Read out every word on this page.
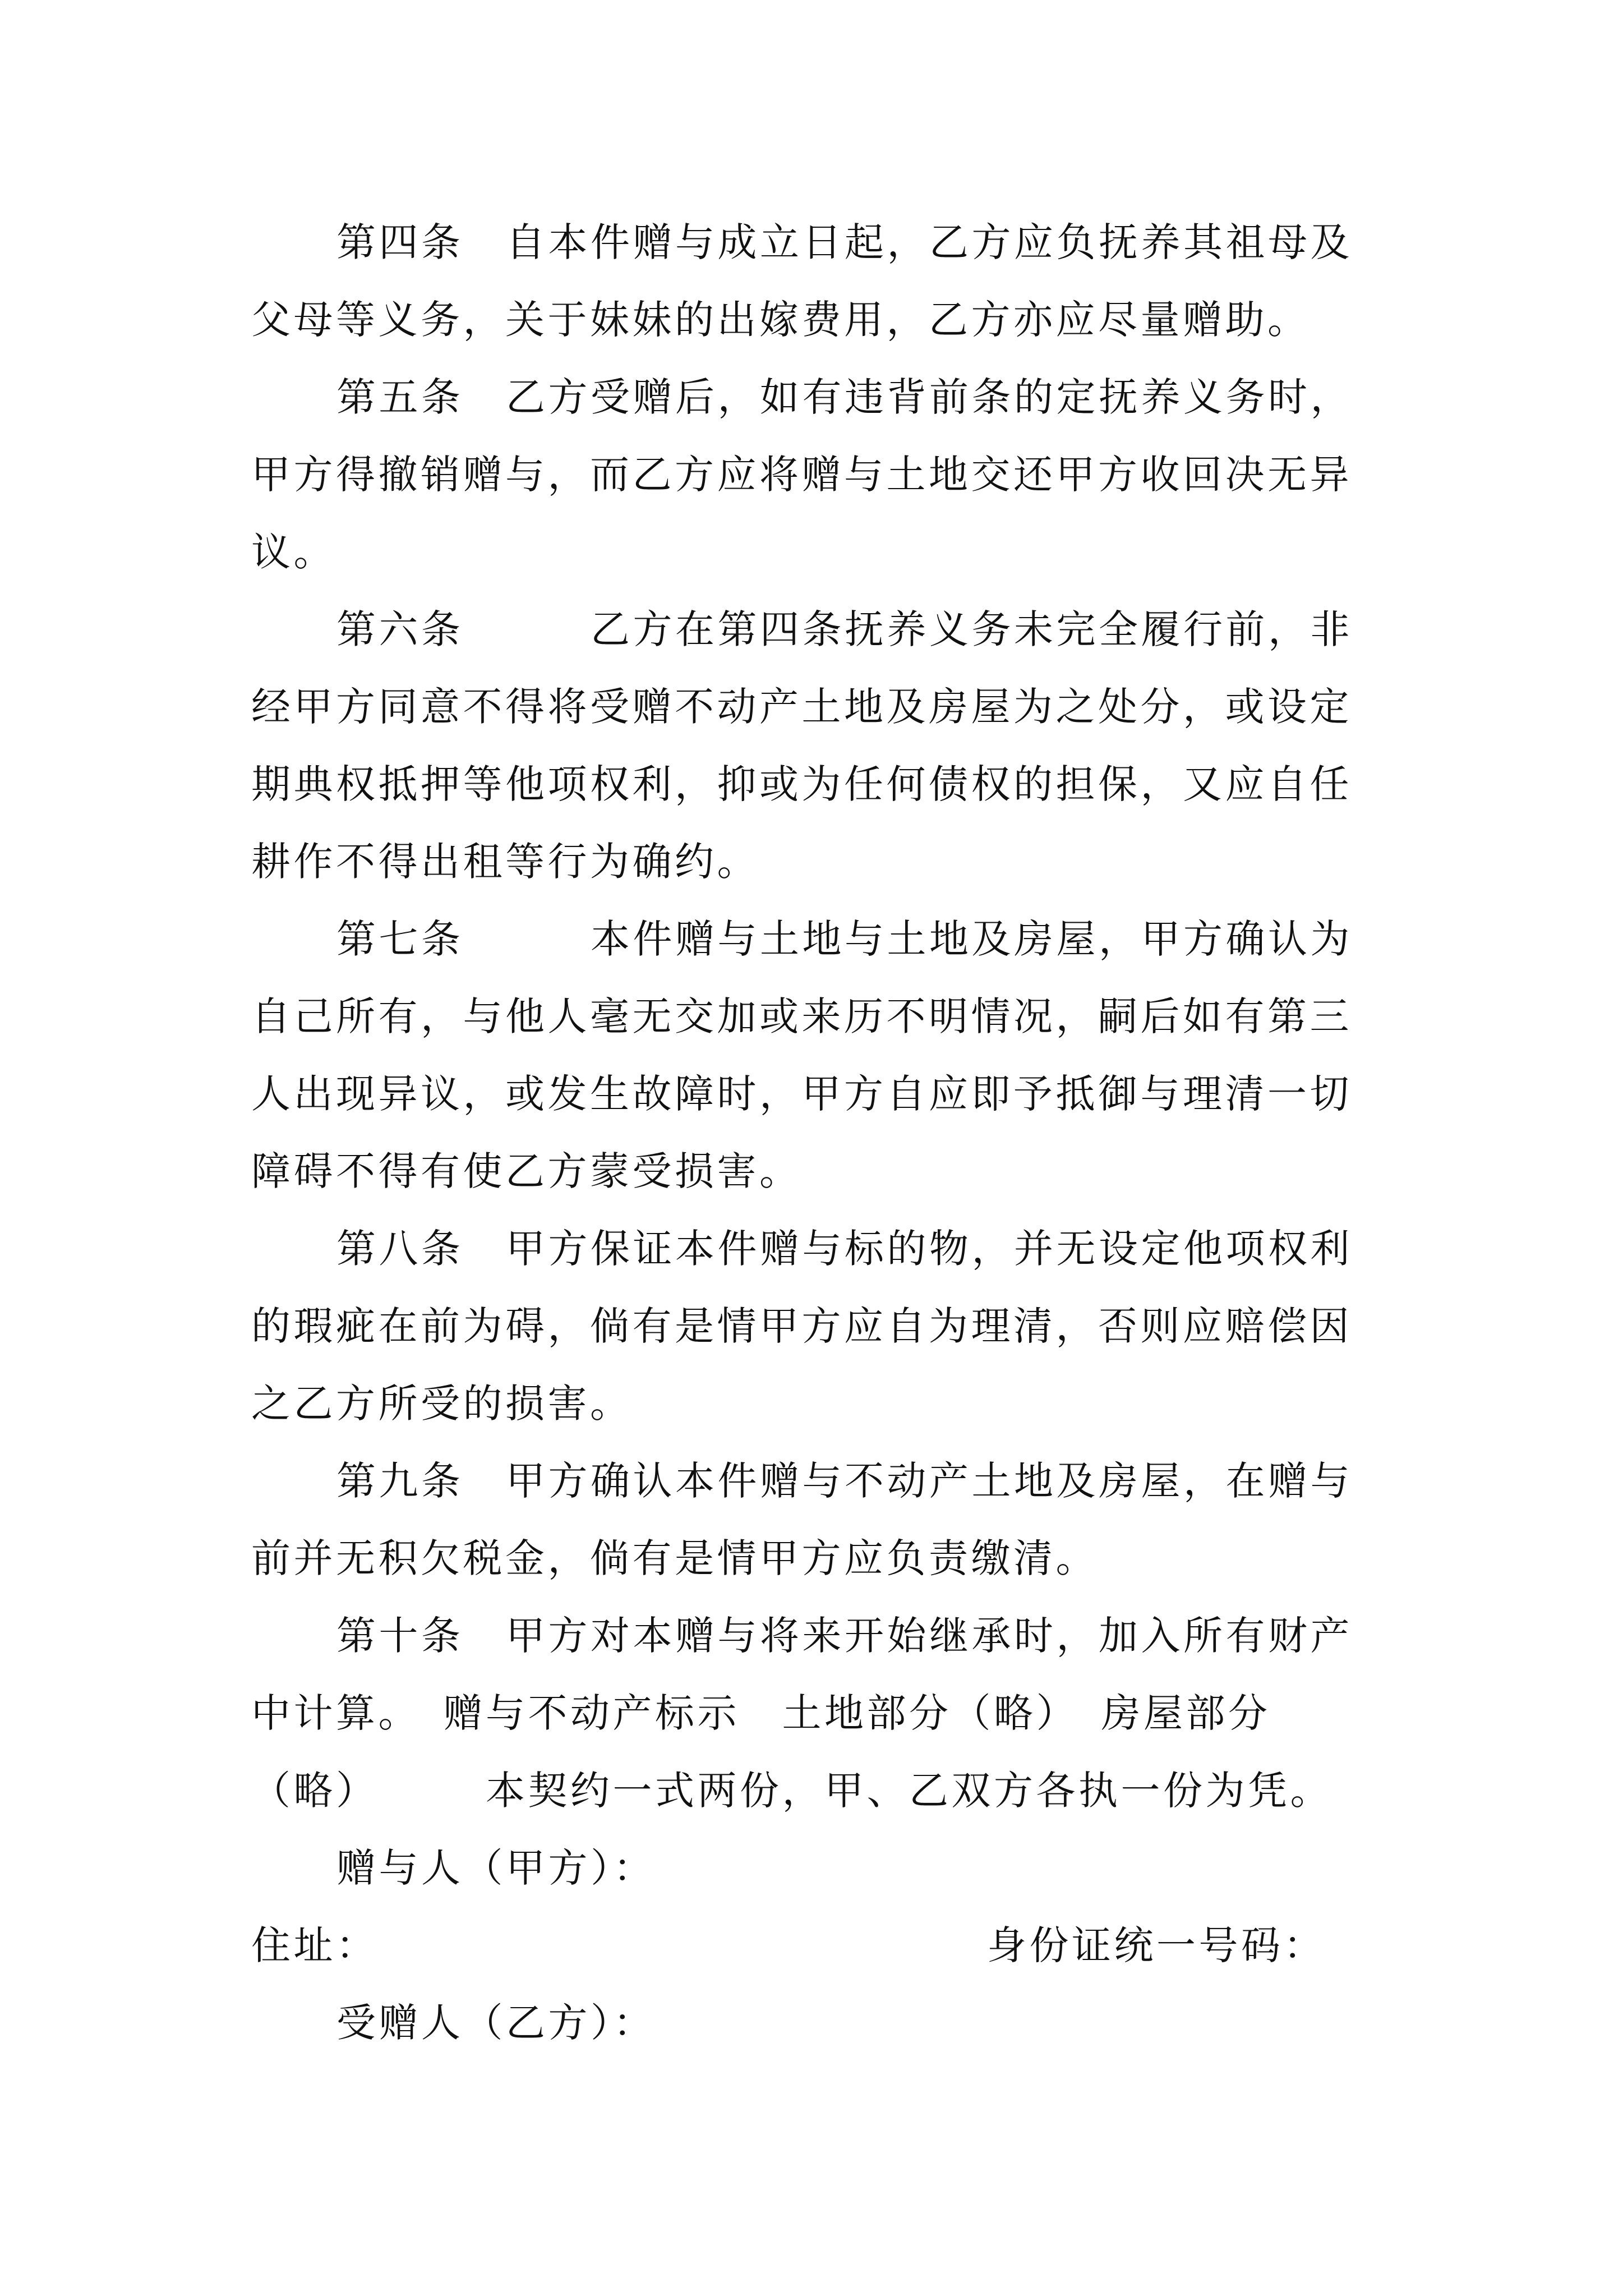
第四条　自本件赠与成立日起，乙方应负抚养其祖母及
父母等义务，关于妹妹的出嫁费用，乙方亦应尽量赠助。
第五条　乙方受赠后，如有违背前条的定抚养义务时，
甲方得撤销赠与，而乙方应将赠与土地交还甲方收回决无异
议。
第六条　　　乙方在第四条抚养义务未完全履行前，非
经甲方同意不得将受赠不动产土地及房屋为之处分，或设定
期典权抵押等他项权利，抑或为任何债权的担保，又应自任
耕作不得出租等行为确约。
第七条　　　本件赠与土地与土地及房屋，甲方确认为
自己所有，与他人毫无交加或来历不明情况，嗣后如有第三
人出现异议，或发生故障时，甲方自应即予抵御与理清一切
障碍不得有使乙方蒙受损害。
第八条　甲方保证本件赠与标的物，并无设定他项权利
的瑕疵在前为碍，倘有是情甲方应自为理清，否则应赔偿因
之乙方所受的损害。
第九条　甲方确认本件赠与不动产土地及房屋，在赠与
前并无积欠税金，倘有是情甲方应负责缴清。
第十条　甲方对本赠与将来开始继承时，加入所有财产
中计算。　赠与不动产标示　土地部分（略）　房屋部分
（略）　　　本契约一式两份，甲、乙双方各执一份为凭。
赠与人（甲方）：
住址：	身份证统一号码：
受赠人（乙方）：
